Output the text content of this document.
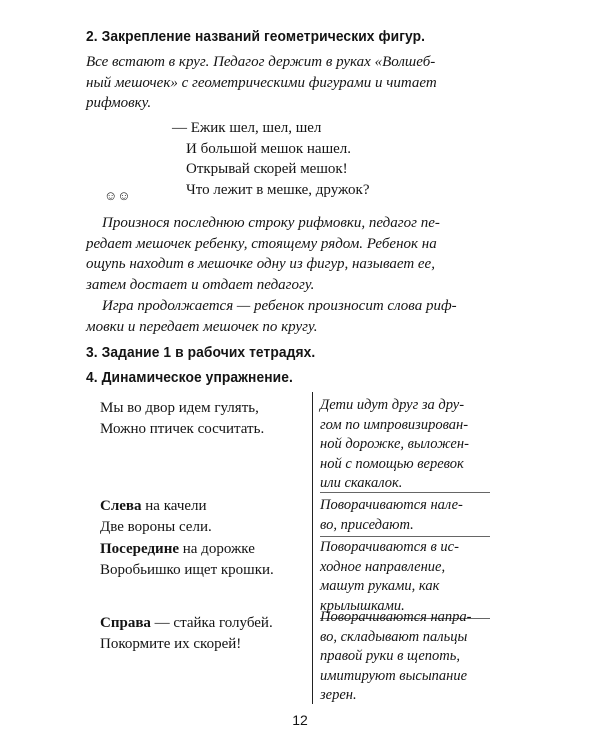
2. Закрепление названий геометрических фигур.
Все встают в круг. Педагог держит в руках «Волшеб-
ный мешочек» с геометрическими фигурами и читает
рифмовку.
— Ежик шел, шел, шел
И большой мешок нашел.
Открывай скорей мешок!
Что лежит в мешке, дружок?
☺☺
Произнося последнюю строку рифмовки, педагог пе-
редает мешочек ребенку, стоящему рядом. Ребенок на
ощупь находит в мешочке одну из фигур, называет ее,
затем достает и отдает педагогу.
Игра продолжается — ребенок произносит слова риф-
мовки и передает мешочек по кругу.
3. Задание 1 в рабочих тетрадях.
4. Динамическое упражнение.
Мы во двор идем гулять,
Можно птичек сосчитать.
Дети идут друг за дру-
гом по импровизирован-
ной дорожке, выложен-
ной с помощью веревок
или скакалок.
Слева на качели
Две вороны сели.
Поворачиваются нале-
во, приседают.
Посередине на дорожке
Воробьишко ищет крошки.
Поворачиваются в ис-
ходное направление,
машут руками, как
крылышками.
Справа — стайка голубей.
Покормите их скорей!
Поворачиваются напра-
во, складывают пальцы
правой руки в щепоть,
имитируют высыпание
зерен.
12
